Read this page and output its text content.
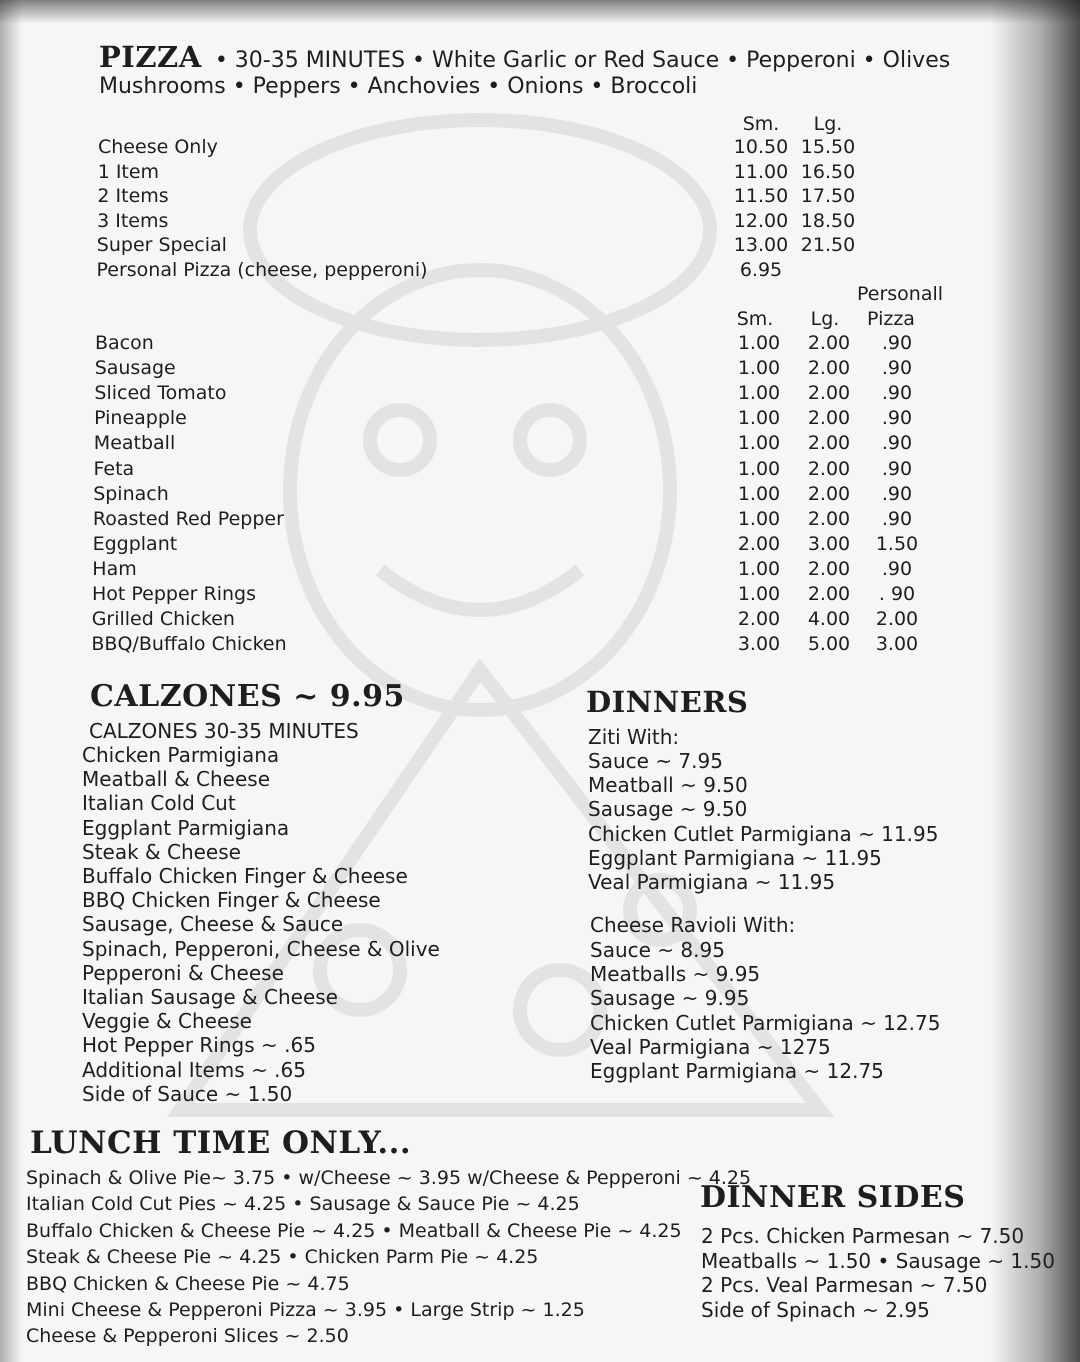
PIZZA • 30-35 MINUTES • White Garlic or Red Sauce • Pepperoni • Olives
Mushrooms • Peppers • Anchovies • Onions • Broccoli
Sm.	Lg.
Cheese Only	10.50 15.50
1 Item	11.00 16.50
2 Items	11.50 17.50
3 Items	12.00 18.50
Super Special	13.00 21.50
Personal Pizza (cheese, pepperoni)	6.95
Personall
Sm.	Lg.	Pizza
Bacon	1.00	2.00	.90
Sausage	1.00	2.00	.90
Sliced Tomato	1.00	2.00	.90
Pineapple	1.00	2.00	.90
Meatball	1.00	2.00	.90
Feta	1.00	2.00	.90
Spinach	1.00	2.00	.90
Roasted Red Pepper	1.00	2.00	.90
Eggplant	2.00	3.00	1.50
Ham	1.00	2.00	.90
Hot Pepper Rings	1.00	2.00	. 90
Grilled Chicken	2.00	4.00	2.00
BBQ/Buffalo Chicken	3.00	5.00	3.00
CALZONES ~ 9.95
CALZONES 30-35 MINUTES
Chicken Parmigiana
Meatball & Cheese
Italian Cold Cut
Eggplant Parmigiana
Steak & Cheese
Buffalo Chicken Finger & Cheese
BBQ Chicken Finger & Cheese
Sausage, Cheese & Sauce
Spinach, Pepperoni, Cheese & Olive
Pepperoni & Cheese
Italian Sausage & Cheese
Veggie & Cheese
Hot Pepper Rings ~ .65
Additional Items ~ .65
Side of Sauce ~ 1.50
DINNERS
Ziti With:
Sauce ~ 7.95
Meatball ~ 9.50
Sausage ~ 9.50
Chicken Cutlet Parmigiana ~ 11.95
Eggplant Parmigiana ~ 11.95
Veal Parmigiana ~ 11.95
Cheese Ravioli With:
Sauce ~ 8.95
Meatballs ~ 9.95
Sausage ~ 9.95
Chicken Cutlet Parmigiana ~ 12.75
Veal Parmigiana ~ 1275
Eggplant Parmigiana ~ 12.75
LUNCH TIME ONLY...
Spinach & Olive Pie~ 3.75 • w/Cheese ~ 3.95 w/Cheese & Pepperoni ~ 4.25
Italian Cold Cut Pies ~ 4.25 • Sausage & Sauce Pie ~ 4.25
Buffalo Chicken & Cheese Pie ~ 4.25 • Meatball & Cheese Pie ~ 4.25
Steak & Cheese Pie ~ 4.25 • Chicken Parm Pie ~ 4.25
BBQ Chicken & Cheese Pie ~ 4.75
Mini Cheese & Pepperoni Pizza ~ 3.95 • Large Strip ~ 1.25
Cheese & Pepperoni Slices ~ 2.50
DINNER SIDES
2 Pcs. Chicken Parmesan ~ 7.50
Meatballs ~ 1.50 • Sausage ~ 1.50
2 Pcs. Veal Parmesan ~ 7.50
Side of Spinach ~ 2.95
